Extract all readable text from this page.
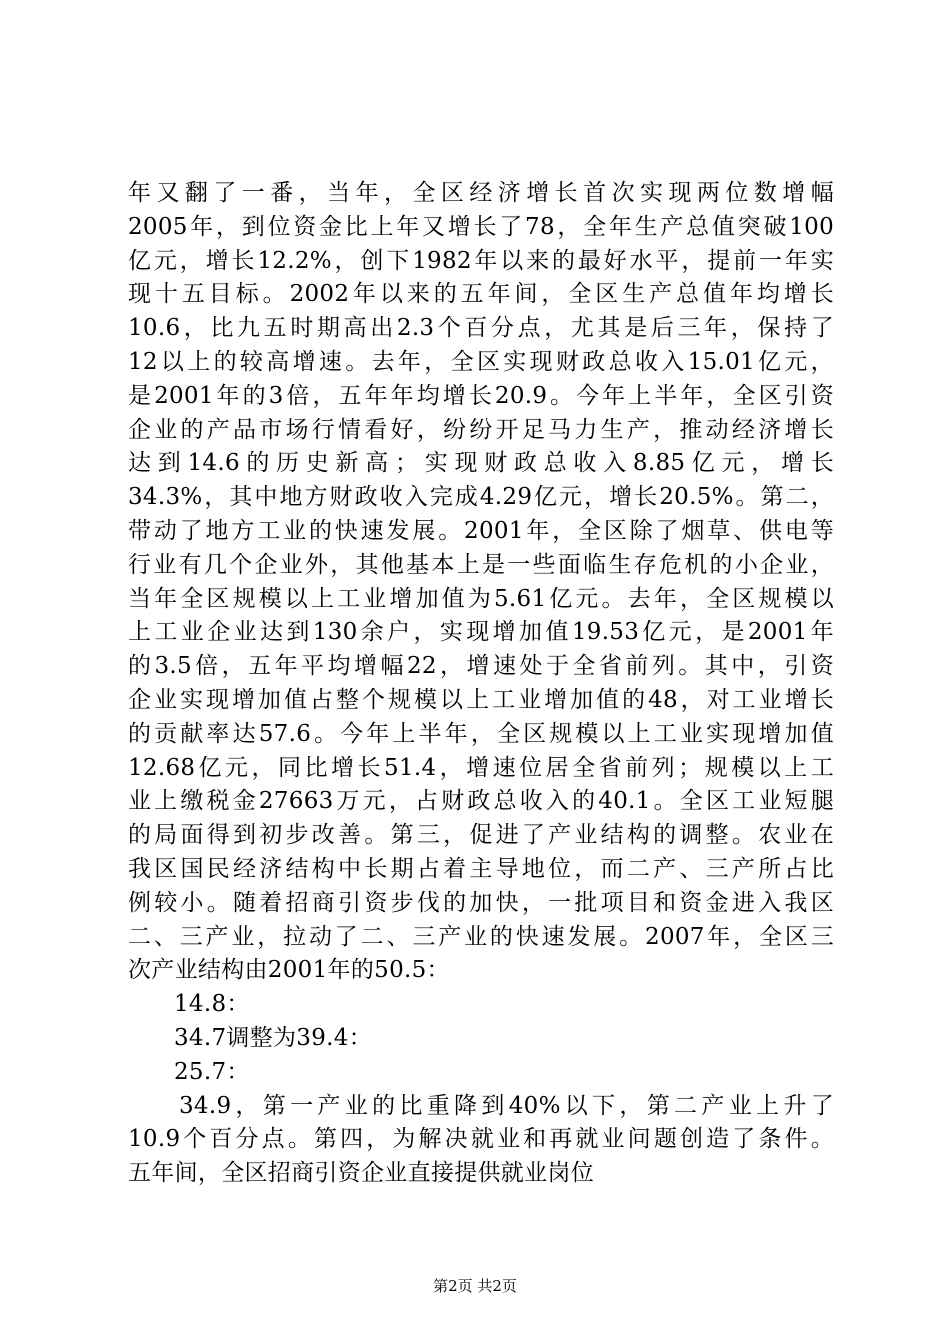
年又翻了一番，当年，全区经济增长首次实现两位数增幅
2005年，到位资金比上年又增长了78，全年生产总值突破100
亿元，增长12.2%，创下1982年以来的最好水平，提前一年实
现十五目标。2002年以来的五年间，全区生产总值年均增长
10.6，比九五时期高出2.3个百分点，尤其是后三年，保持了
12以上的较高增速。去年，全区实现财政总收入15.01亿元，
是2001年的3倍，五年年均增长20.9。今年上半年，全区引资
企业的产品市场行情看好，纷纷开足马力生产，推动经济增长
达到14.6的历史新高；实现财政总收入8.85亿元，增长
34.3%，其中地方财政收入完成4.29亿元，增长20.5%。第二，
带动了地方工业的快速发展。2001年，全区除了烟草、供电等
行业有几个企业外，其他基本上是一些面临生存危机的小企业，
当年全区规模以上工业增加值为5.61亿元。去年，全区规模以
上工业企业达到130余户，实现增加值19.53亿元，是2001年
的3.5倍，五年平均增幅22，增速处于全省前列。其中，引资
企业实现增加值占整个规模以上工业增加值的48，对工业增长
的贡献率达57.6。今年上半年，全区规模以上工业实现增加值
12.68亿元，同比增长51.4，增速位居全省前列；规模以上工
业上缴税金27663万元，占财政总收入的40.1。全区工业短腿
的局面得到初步改善。第三，促进了产业结构的调整。农业在
我区国民经济结构中长期占着主导地位，而二产、三产所占比
例较小。随着招商引资步伐的加快，一批项目和资金进入我区
二、三产业，拉动了二、三产业的快速发展。2007年，全区三
次产业结构由2001年的50.5：
14.8：
34.7调整为39.4：
25.7：
34.9，第一产业的比重降到40%以下，第二产业上升了
10.9个百分点。第四，为解决就业和再就业问题创造了条件。
五年间，全区招商引资企业直接提供就业岗位
第2页 共2页
